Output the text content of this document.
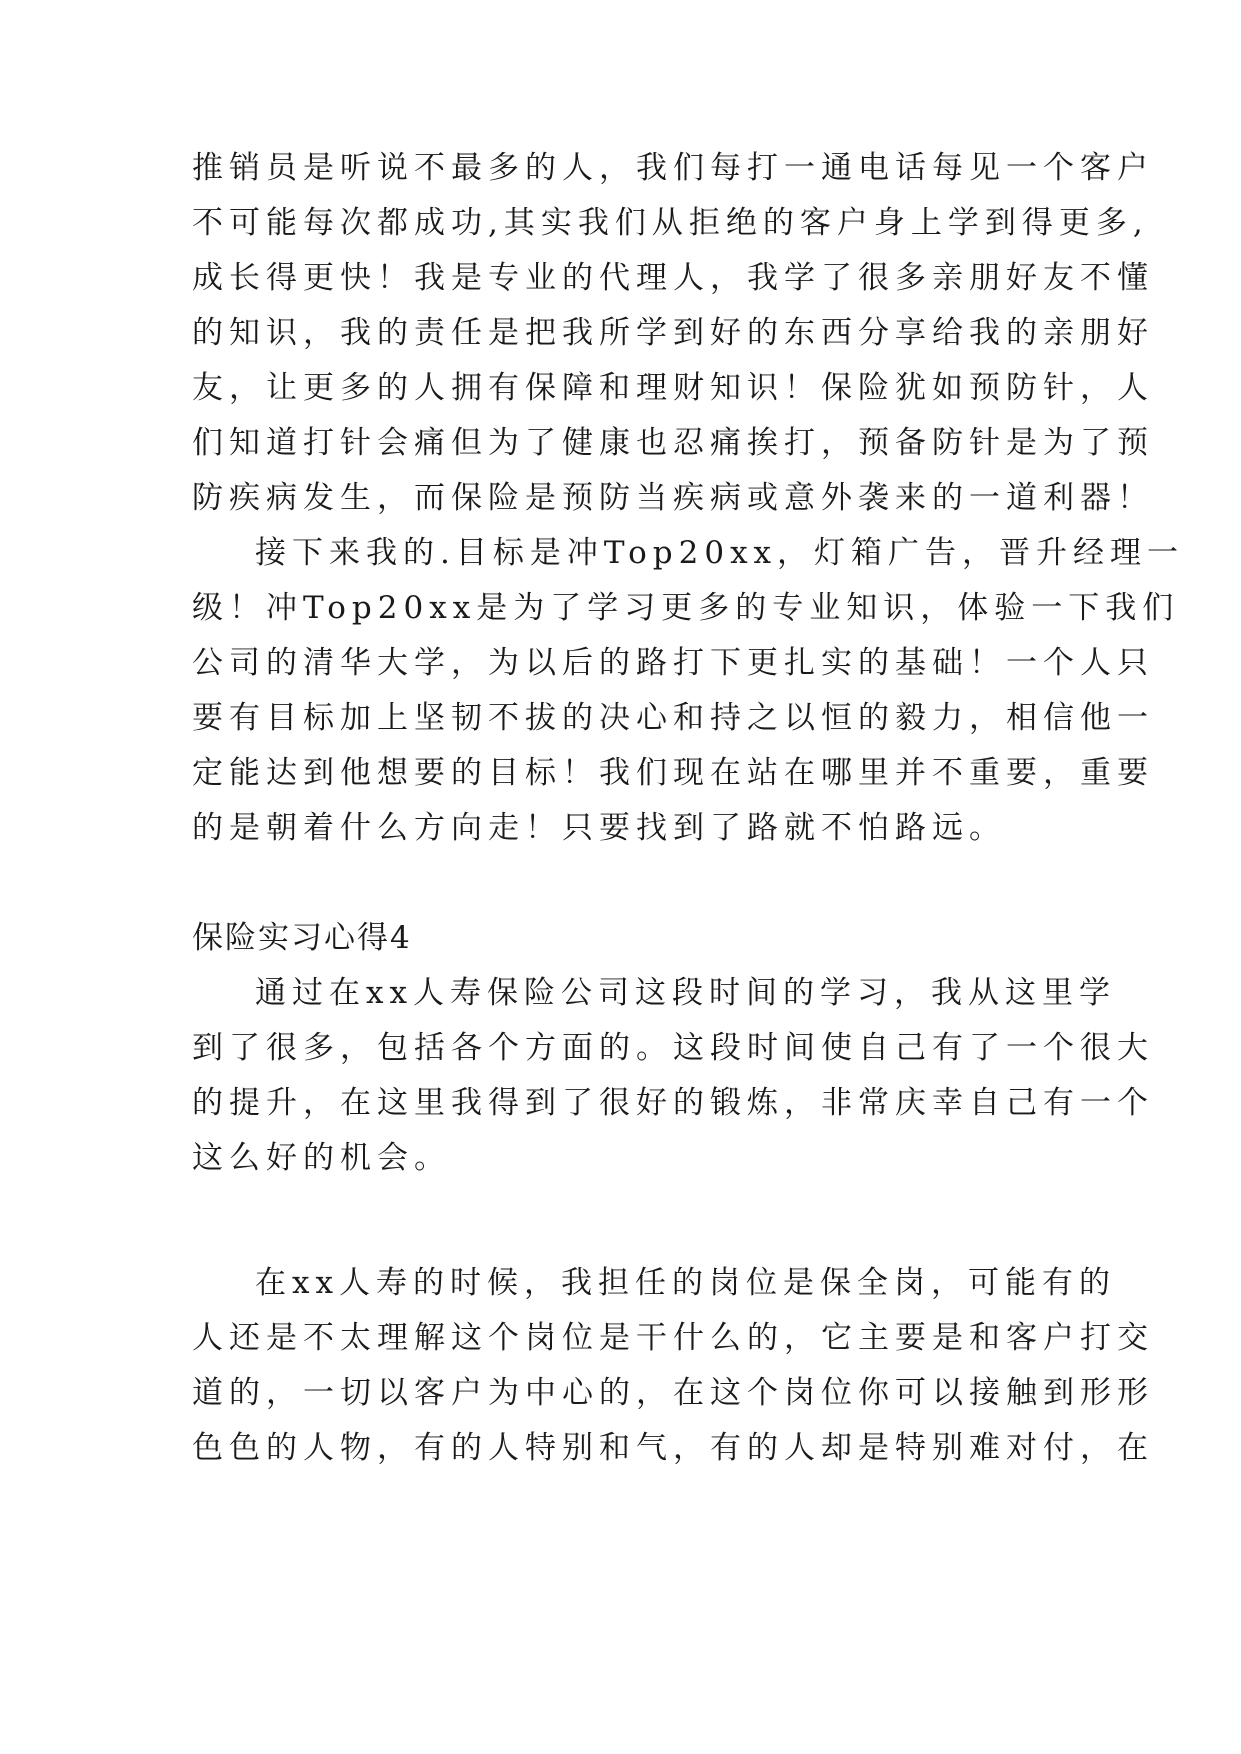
推销员是听说不最多的人，我们每打一通电话每见一个客户
不可能每次都成功,其实我们从拒绝的客户身上学到得更多,
成长得更快！我是专业的代理人，我学了很多亲朋好友不懂
的知识，我的责任是把我所学到好的东西分享给我的亲朋好
友，让更多的人拥有保障和理财知识！保险犹如预防针，人
们知道打针会痛但为了健康也忍痛挨打，预备防针是为了预
防疾病发生，而保险是预防当疾病或意外袭来的一道利器！
接下来我的.目标是冲Top20xx，灯箱广告，晋升经理一
级！冲Top20xx是为了学习更多的专业知识，体验一下我们
公司的清华大学，为以后的路打下更扎实的基础！一个人只
要有目标加上坚韧不拔的决心和持之以恒的毅力，相信他一
定能达到他想要的目标！我们现在站在哪里并不重要，重要
的是朝着什么方向走！只要找到了路就不怕路远。
保险实习心得4
通过在xx人寿保险公司这段时间的学习，我从这里学
到了很多，包括各个方面的。这段时间使自己有了一个很大
的提升，在这里我得到了很好的锻炼，非常庆幸自己有一个
这么好的机会。
在xx人寿的时候，我担任的岗位是保全岗，可能有的
人还是不太理解这个岗位是干什么的，它主要是和客户打交
道的，一切以客户为中心的，在这个岗位你可以接触到形形
色色的人物，有的人特别和气，有的人却是特别难对付，在
